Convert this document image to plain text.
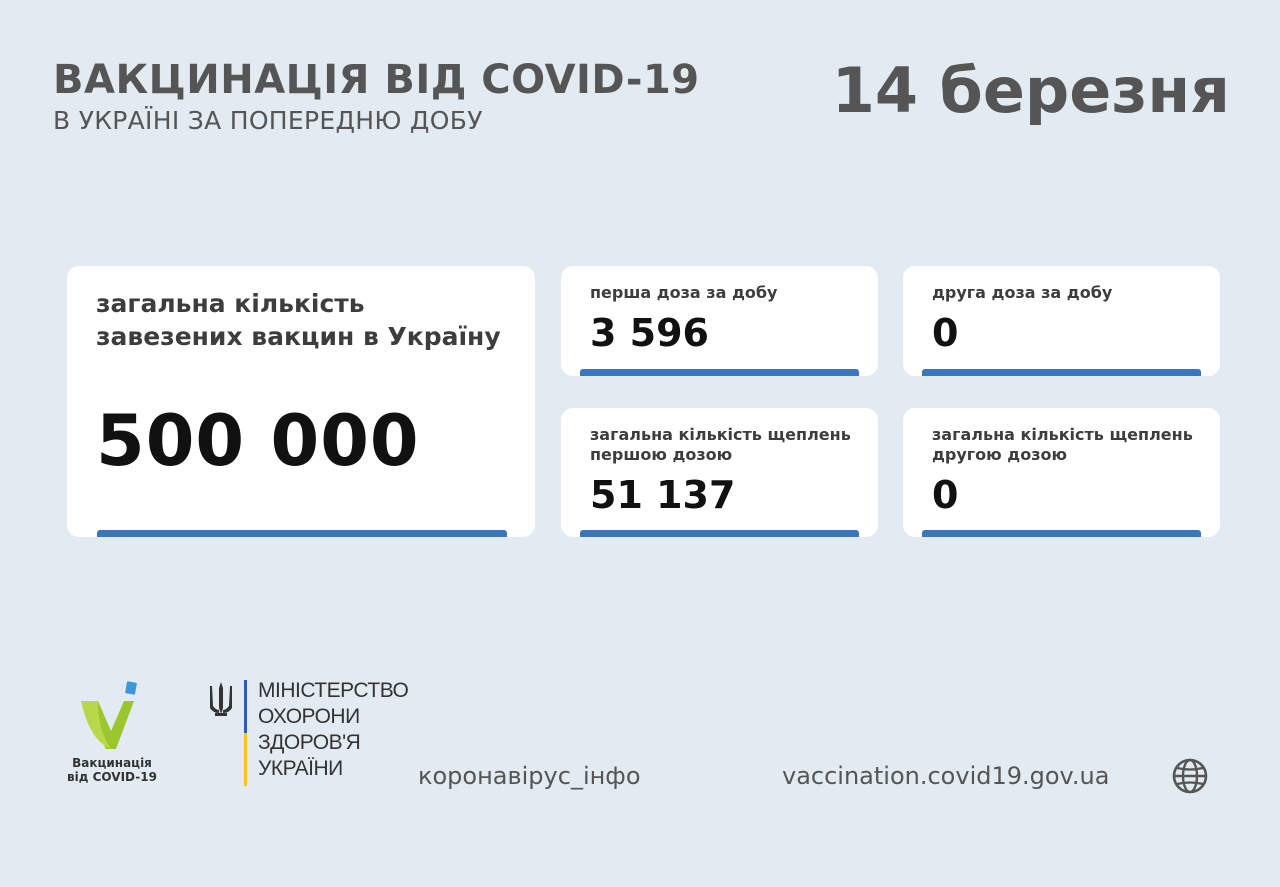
ВАКЦИНАЦІЯ ВІД COVID-19
В УКРАЇНІ ЗА ПОПЕРЕДНЮ ДОБУ	14 березня
загальна кількість завезених вакцин в Україну
500 000
перша доза за добу
3 596
друга доза за добу
0
загальна кількість щеплень першою дозою
51 137
загальна кількість щеплень другою дозою
0
Вакцинація
від COVID-19
МІНІСТЕРСТВО
ОХОРОНИ
ЗДОРОВ'Я
УКРАЇНИ	коронавірус_інфо	vaccination.covid19.gov.ua
